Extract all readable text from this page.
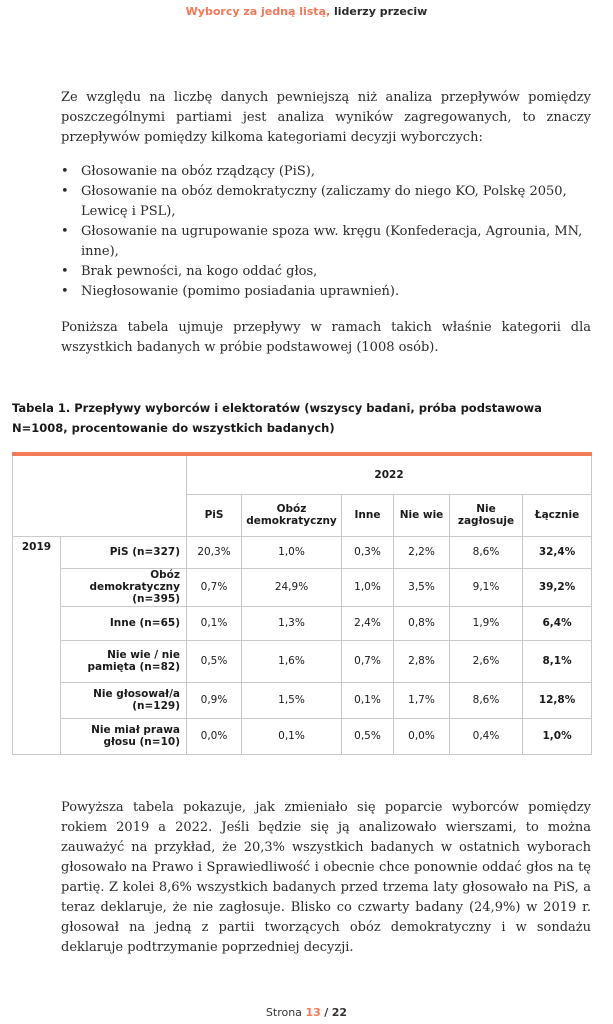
Wyborcy za jedną listą, liderzy przeciw

Ze względu na liczbę danych pewniejszą niż analiza przepływów pomiędzy poszczególnymi partiami jest analiza wyników zagregowanych, to znaczy przepływów pomiędzy kilkoma kategoriami decyzji wyborczych:

• Głosowanie na obóz rządzący (PiS),
• Głosowanie na obóz demokratyczny (zaliczamy do niego KO, Polskę 2050, Lewicę i PSL),
• Głosowanie na ugrupowanie spoza ww. kręgu (Konfederacja, Agrounia, MN, inne),
• Brak pewności, na kogo oddać głos,
• Niegłosowanie (pomimo posiadania uprawnień).

Poniższa tabela ujmuje przepływy w ramach takich właśnie kategorii dla wszystkich badanych w próbie podstawowej (1008 osób).

Tabela 1. Przepływy wyborców i elektoratów (wszyscy badani, próba podstawowa N=1008, procentowanie do wszystkich badanych)
		2022					
		PiS	Obóz demokratyczny	Inne	Nie wie	Nie zagłosuje	Łącznie
2019	PiS (n=327)	20,3%	1,0%	0,3%	2,2%	8,6%	32,4%
	Obóz demokratyczny (n=395)	0,7%	24,9%	1,0%	3,5%	9,1%	39,2%
	Inne (n=65)	0,1%	1,3%	2,4%	0,8%	1,9%	6,4%
	Nie wie / nie pamięta (n=82)	0,5%	1,6%	0,7%	2,8%	2,6%	8,1%
	Nie głosował/a (n=129)	0,9%	1,5%	0,1%	1,7%	8,6%	12,8%
	Nie miał prawa głosu (n=10)	0,0%	0,1%	0,5%	0,0%	0,4%	1,0%

Powyższa tabela pokazuje, jak zmieniało się poparcie wyborców pomiędzy rokiem 2019 a 2022. Jeśli będzie się ją analizowało wierszami, to można zauważyć na przykład, że 20,3% wszystkich badanych w ostatnich wyborach głosowało na Prawo i Sprawiedliwość i obecnie chce ponownie oddać głos na tę partię. Z kolei 8,6% wszystkich badanych przed trzema laty głosowało na PiS, a teraz deklaruje, że nie zagłosuje. Blisko co czwarty badany (24,9%) w 2019 r. głosował na jedną z partii tworzących obóz demokratyczny i w sondażu deklaruje podtrzymanie poprzedniej decyzji.

Strona 13 / 22
